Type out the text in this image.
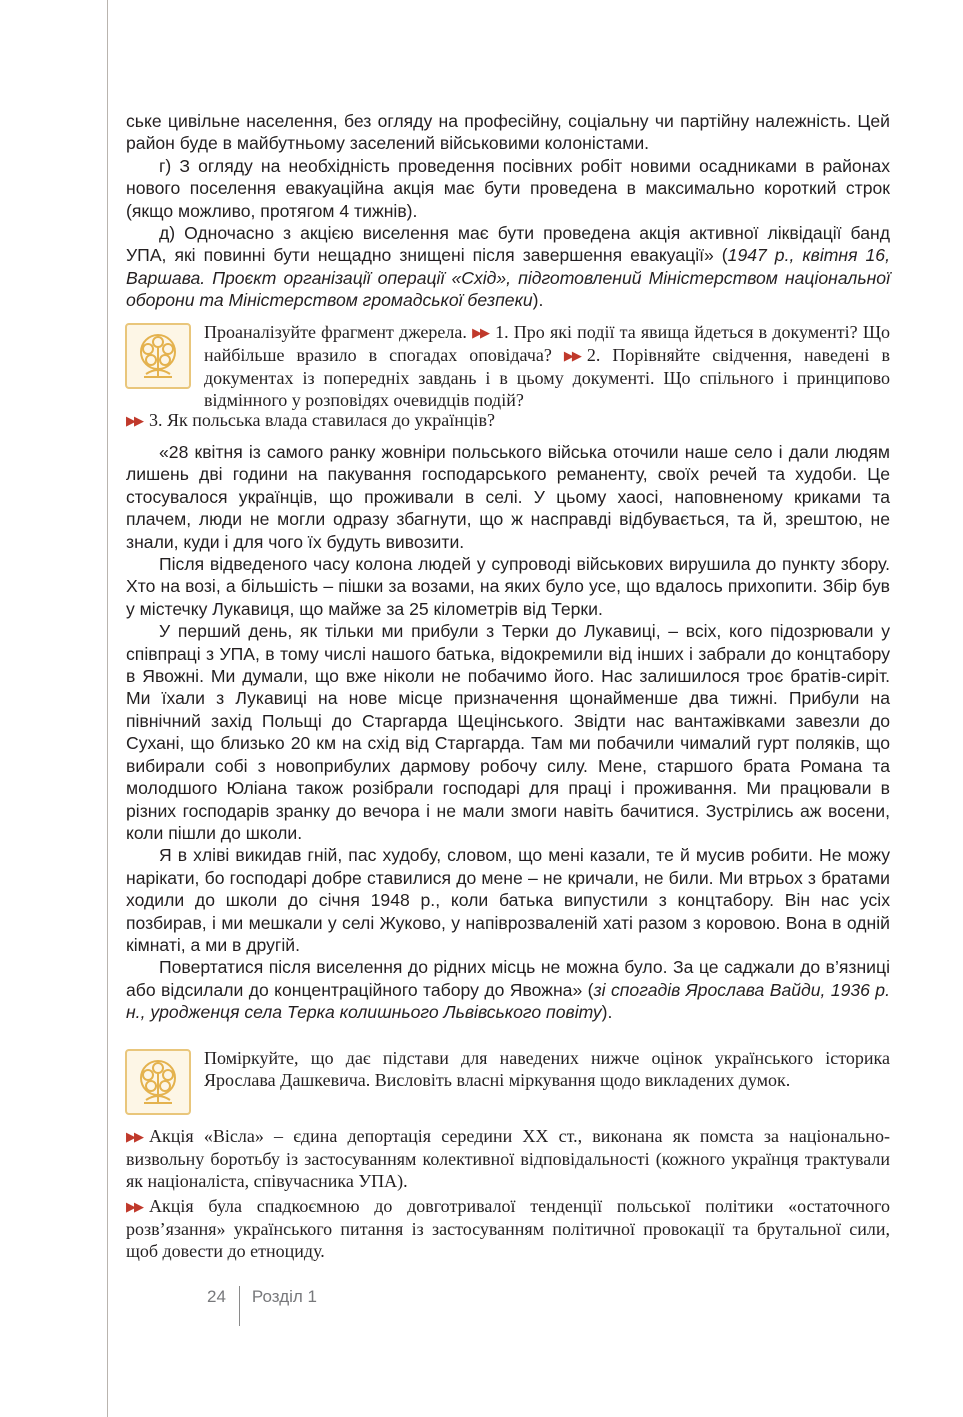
ське цивільне населення, без огляду на професійну, соціальну чи партійну належність. Цей район буде в майбутньому заселений військовими колоністами.

г) З огляду на необхідність проведення посівних робіт новими осадниками в районах нового поселення евакуаційна акція має бути проведена в максимально короткий строк (якщо можливо, протягом 4 тижнів).

д) Одночасно з акцією виселення має бути проведена акція активної ліквідації банд УПА, які повинні бути нещадно знищені після завершення евакуації» (1947 р., квітня 16, Варшава. Проєкт організації операції «Схід», підготовлений Міністерством національної оборони та Міністерством громадської безпеки).

Проаналізуйте фрагмент джерела. ▶▶ 1. Про які події та явища йдеться в документі? Що найбільше вразило в спогадах оповідача? ▶▶ 2. Порівняйте свідчення, наведені в документах із попередніх завдань і в цьому документі. Що спільного і принципово відмінного у розповідях очевидців подій?

▶▶ 3. Як польська влада ставилася до українців?

«28 квітня із самого ранку жовніри польського війська оточили наше село і дали людям лишень дві години на пакування господарського реманенту, своїх речей та худоби. Це стосувалося українців, що проживали в селі. У цьому хаосі, наповненому криками та плачем, люди не могли одразу збагнути, що ж насправді відбувається, та й, зрештою, не знали, куди і для чого їх будуть вивозити.

Після відведеного часу колона людей у супроводі військових вирушила до пункту збору. Хто на возі, а більшість – пішки за возами, на яких було усе, що вдалось прихопити. Збір був у містечку Лукавиця, що майже за 25 кілометрів від Терки.

У перший день, як тільки ми прибули з Терки до Лукавиці, – всіх, кого підозрювали у співпраці з УПА, в тому числі нашого батька, відокремили від інших і забрали до концтабору в Явожні. Ми думали, що вже ніколи не побачимо його. Нас залишилося троє братів-сиріт. Ми їхали з Лукавиці на нове місце призначення щонайменше два тижні. Прибули на північний захід Польщі до Старгарда Щецінського. Звідти нас вантажівками завезли до Сухані, що близько 20 км на схід від Старгарда. Там ми побачили чималий гурт поляків, що вибирали собі з новоприбулих дармову робочу силу. Мене, старшого брата Романа та молодшого Юліана також розібрали господарі для праці і проживання. Ми працювали в різних господарів зранку до вечора і не мали змоги навіть бачитися. Зустрілись аж восени, коли пішли до школи.

Я в хліві викидав гній, пас худобу, словом, що мені казали, те й мусив робити. Не можу нарікати, бо господарі добре ставилися до мене – не кричали, не били. Ми втрьох з братами ходили до школи до січня 1948 р., коли батька випустили з концтабору. Він нас усіх позбирав, і ми мешкали у селі Жуково, у напіврозваленій хаті разом з коровою. Вона в одній кімнаті, а ми в другій.

Повертатися після виселення до рідних місць не можна було. За це саджали до в’язниці або відсилали до концентраційного табору до Явожна» (зі спогадів Ярослава Вайди, 1936 р. н., уродженця села Терка колишнього Львівського повіту).

Поміркуйте, що дає підстави для наведених нижче оцінок українського історика Ярослава Дашкевича. Висловіть власні міркування щодо викладених думок.

▶▶ Акція «Вісла» – єдина депортація середини ХХ ст., виконана як помста за національно-визвольну боротьбу із застосуванням колективної відповідальності (кожного українця трактували як націоналіста, співучасника УПА).

▶▶ Акція була спадкоємною до довготривалої тенденції польської політики «остаточного розв’язання» українського питання із застосуванням політичної провокації та брутальної сили, щоб довести до етноциду.

24	Розділ 1
